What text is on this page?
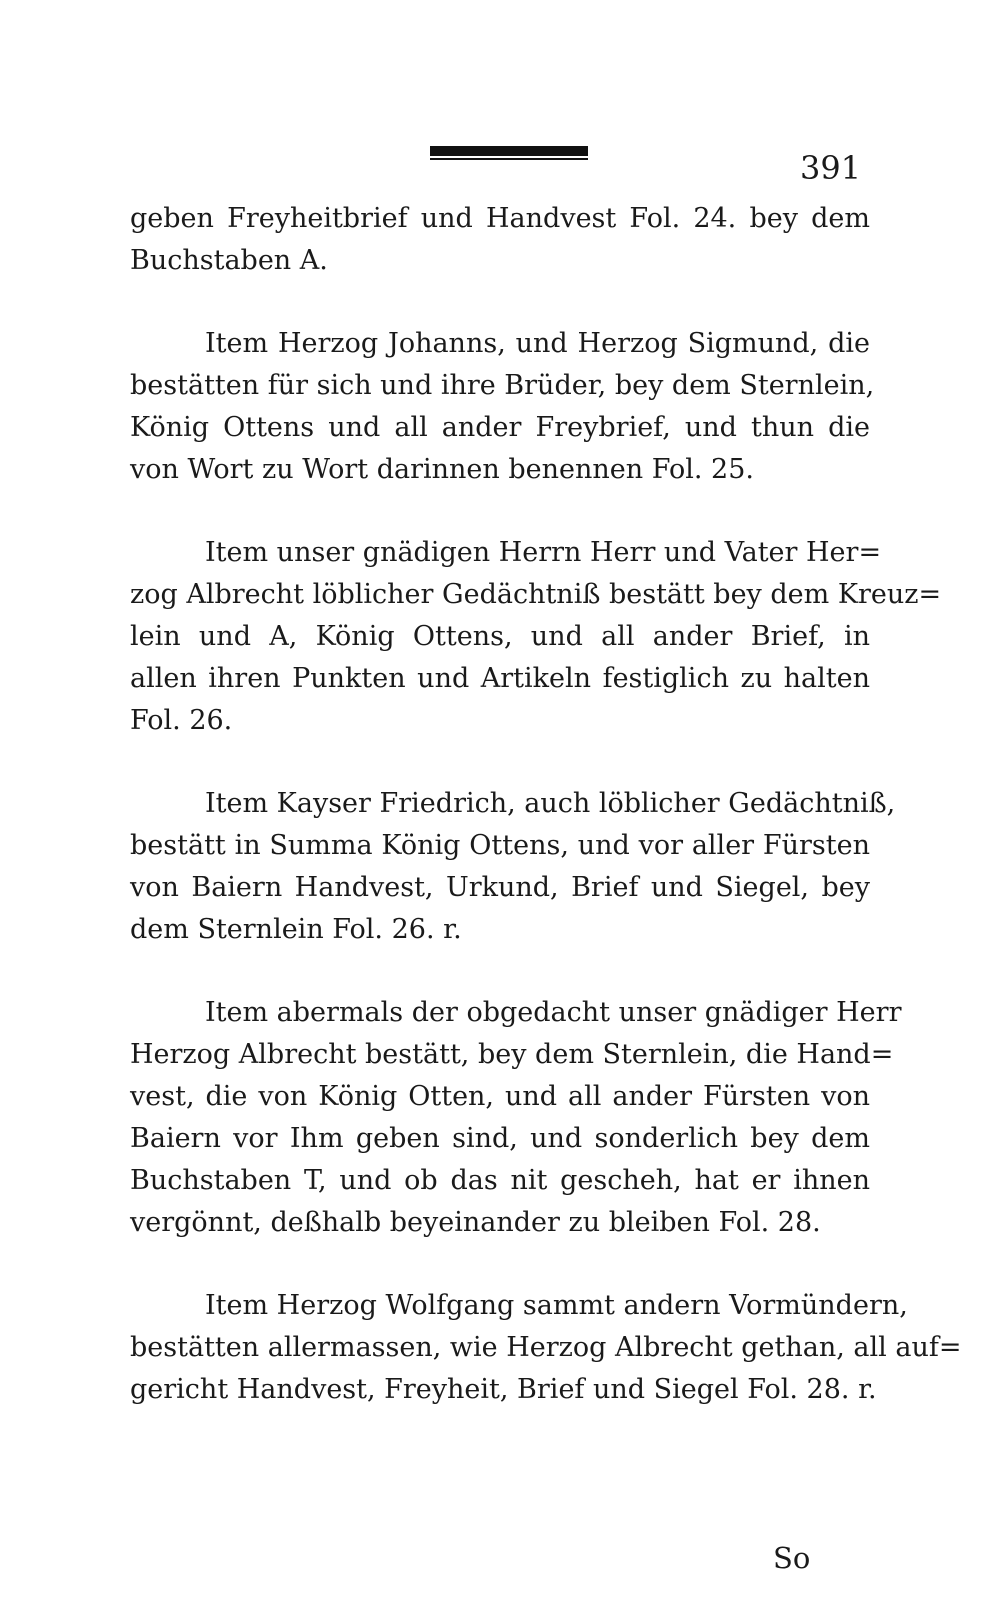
391

geben Freyheitbrief und Handvest Fol. 24. bey dem
Buchstaben A.

Item Herzog Johanns, und Herzog Sigmund, die
bestätten für sich und ihre Brüder, bey dem Sternlein,
König Ottens und all ander Freybrief, und thun die
von Wort zu Wort darinnen benennen Fol. 25.

Item unser gnädigen Herrn Herr und Vater Her=
zog Albrecht löblicher Gedächtniß bestätt bey dem Kreuz=
lein und A, König Ottens, und all ander Brief, in
allen ihren Punkten und Artikeln festiglich zu halten
Fol. 26.

Item Kayser Friedrich, auch löblicher Gedächtniß,
bestätt in Summa König Ottens, und vor aller Fürsten
von Baiern Handvest, Urkund, Brief und Siegel, bey
dem Sternlein Fol. 26. r.

Item abermals der obgedacht unser gnädiger Herr
Herzog Albrecht bestätt, bey dem Sternlein, die Hand=
vest, die von König Otten, und all ander Fürsten von
Baiern vor Ihm geben sind, und sonderlich bey dem
Buchstaben T, und ob das nit gescheh, hat er ihnen
vergönnt, deßhalb beyeinander zu bleiben Fol. 28.

Item Herzog Wolfgang sammt andern Vormündern,
bestätten allermassen, wie Herzog Albrecht gethan, all auf=
gericht Handvest, Freyheit, Brief und Siegel Fol. 28. r.

So
